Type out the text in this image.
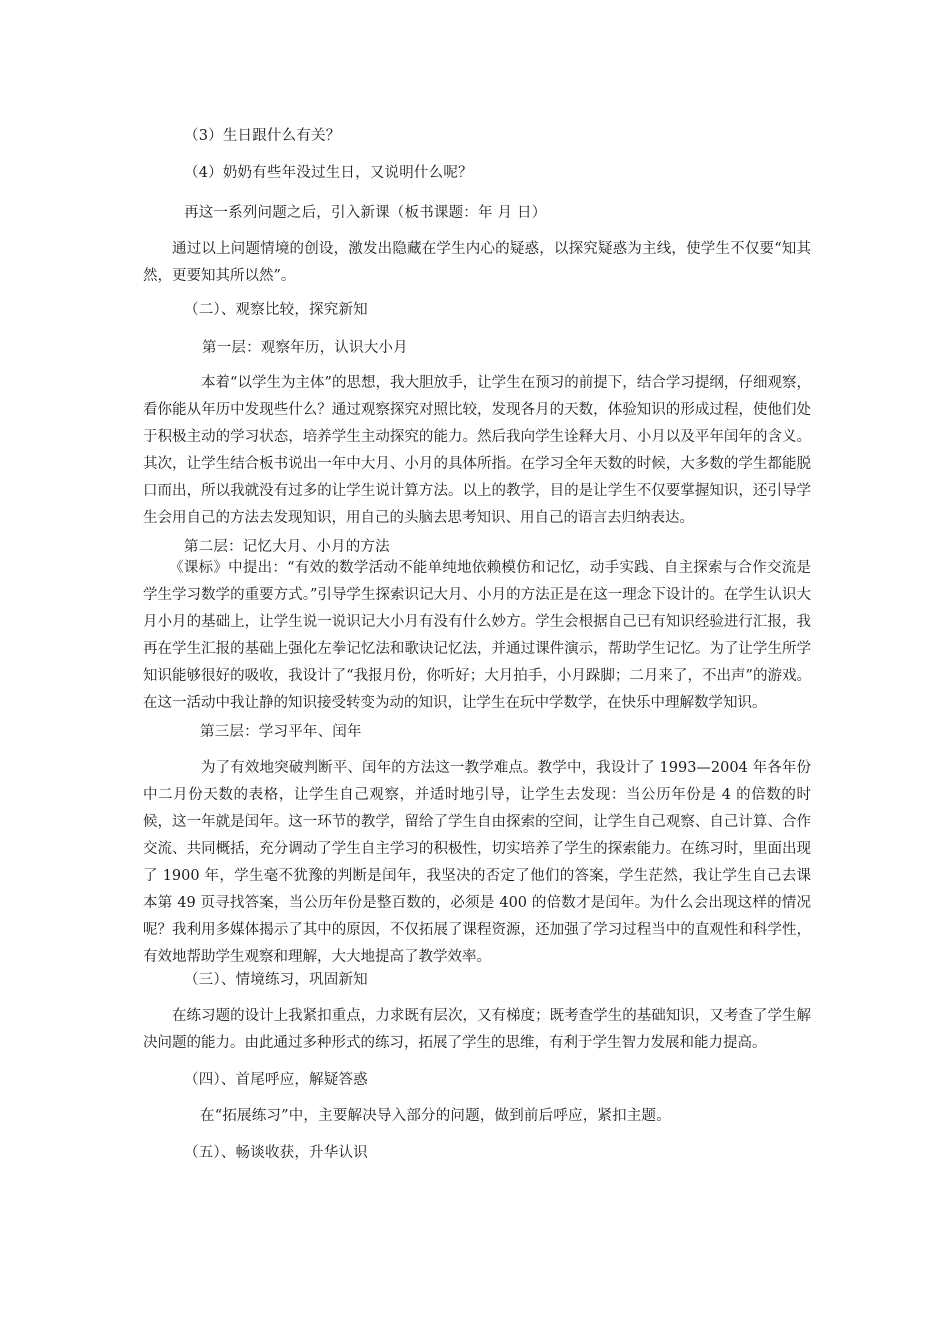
（3）生日跟什么有关？
（4）奶奶有些年没过生日，又说明什么呢？
再这一系列问题之后，引入新课（板书课题：年 月 日）
通过以上问题情境的创设，激发出隐藏在学生内心的疑惑，以探究疑惑为主线，使学生不仅要“知其然，更要知其所以然”。
（二）、观察比较，探究新知
第一层：观察年历，认识大小月
本着“以学生为主体”的思想，我大胆放手，让学生在预习的前提下，结合学习提纲，仔细观察，看你能从年历中发现些什么？通过观察探究对照比较，发现各月的天数，体验知识的形成过程，使他们处于积极主动的学习状态，培养学生主动探究的能力。然后我向学生诠释大月、小月以及平年闰年的含义。其次，让学生结合板书说出一年中大月、小月的具体所指。在学习全年天数的时候，大多数的学生都能脱口而出，所以我就没有过多的让学生说计算方法。以上的教学，目的是让学生不仅要掌握知识，还引导学生会用自己的方法去发现知识，用自己的头脑去思考知识、用自己的语言去归纳表达。
第二层：记忆大月、小月的方法
《课标》中提出：“有效的数学活动不能单纯地依赖模仿和记忆，动手实践、自主探索与合作交流是学生学习数学的重要方式。”引导学生探索识记大月、小月的方法正是在这一理念下设计的。在学生认识大月小月的基础上，让学生说一说识记大小月有没有什么妙方。学生会根据自己已有知识经验进行汇报，我再在学生汇报的基础上强化左拳记忆法和歌诀记忆法，并通过课件演示，帮助学生记忆。为了让学生所学知识能够很好的吸收，我设计了“我报月份，你听好；大月拍手，小月跺脚；二月来了，不出声”的游戏。在这一活动中我让静的知识接受转变为动的知识，让学生在玩中学数学，在快乐中理解数学知识。
第三层：学习平年、闰年
为了有效地突破判断平、闰年的方法这一教学难点。教学中，我设计了 1993—2004 年各年份中二月份天数的表格，让学生自己观察，并适时地引导，让学生去发现：当公历年份是 4 的倍数的时候，这一年就是闰年。这一环节的教学，留给了学生自由探索的空间，让学生自己观察、自己计算、合作交流、共同概括，充分调动了学生自主学习的积极性，切实培养了学生的探索能力。在练习时，里面出现了 1900 年，学生毫不犹豫的判断是闰年，我坚决的否定了他们的答案，学生茫然，我让学生自己去课本第 49 页寻找答案，当公历年份是整百数的，必须是 400 的倍数才是闰年。为什么会出现这样的情况呢？我利用多媒体揭示了其中的原因，不仅拓展了课程资源，还加强了学习过程当中的直观性和科学性，有效地帮助学生观察和理解，大大地提高了教学效率。
（三）、情境练习，巩固新知
在练习题的设计上我紧扣重点，力求既有层次，又有梯度；既考查学生的基础知识，又考查了学生解决问题的能力。由此通过多种形式的练习，拓展了学生的思维，有利于学生智力发展和能力提高。
（四）、首尾呼应，解疑答惑
在“拓展练习”中，主要解决导入部分的问题，做到前后呼应，紧扣主题。
（五）、畅谈收获，升华认识
